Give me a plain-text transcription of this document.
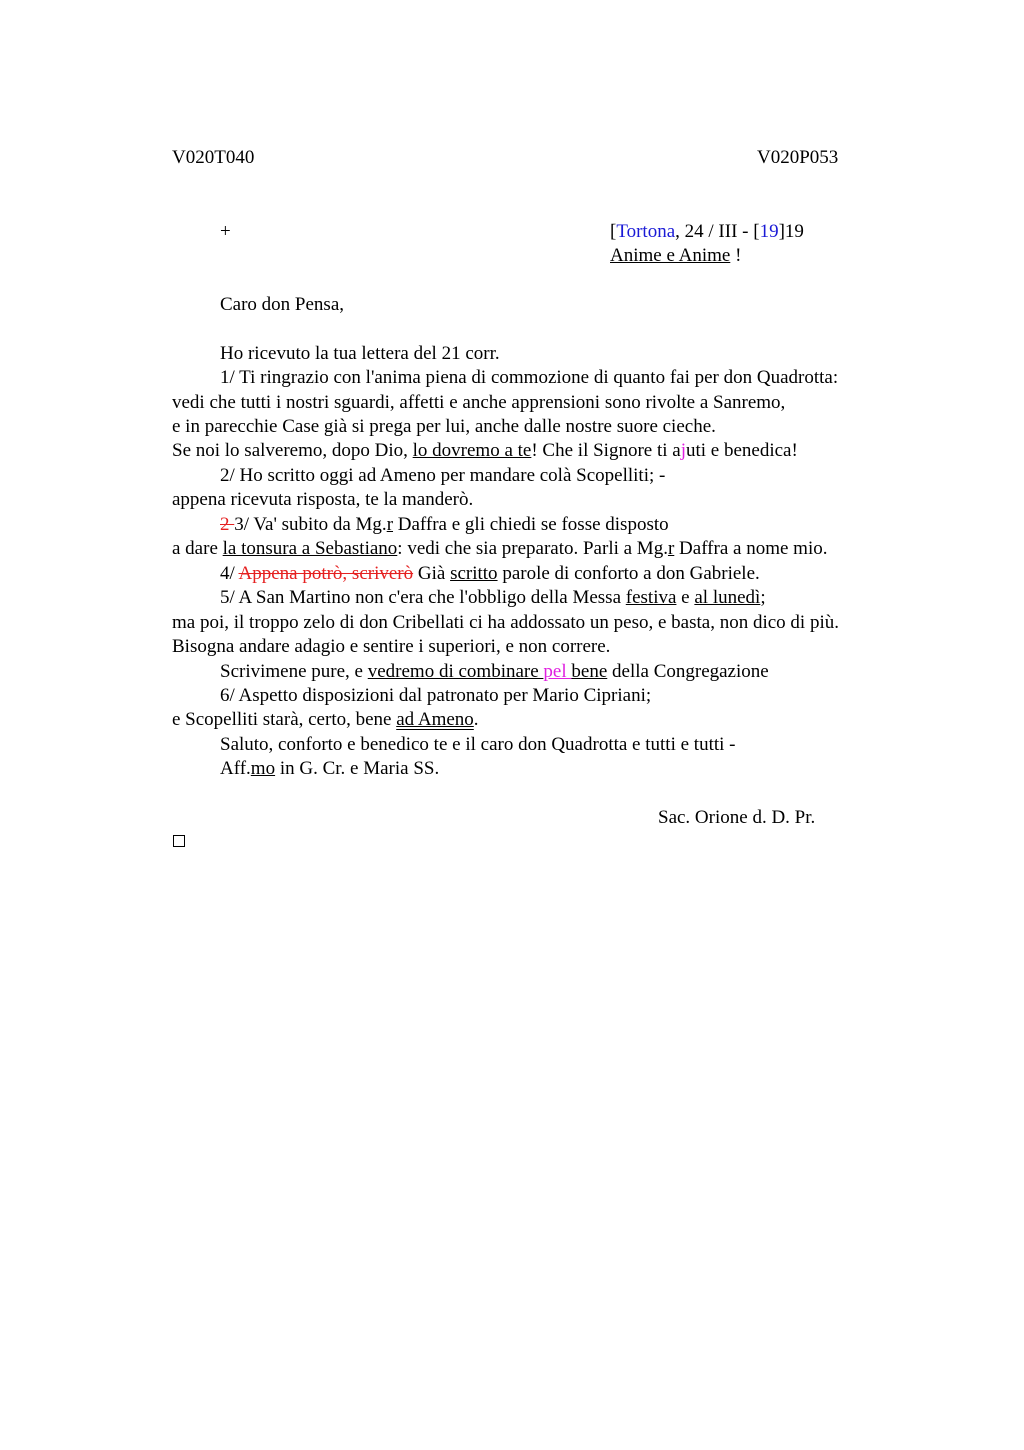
V020T040	V020P053
+	[Tortona, 24 / III - [19]19
Anime e Anime !
Caro don Pensa,
Ho ricevuto la tua lettera del 21 corr.
1/ Ti ringrazio con l'anima piena di commozione di quanto fai per don Quadrotta:
vedi che tutti i nostri sguardi, affetti e anche apprensioni sono rivolte a Sanremo,
e in parecchie Case già si prega per lui, anche dalle nostre suore cieche.
Se noi lo salveremo, dopo Dio, lo dovremo a te! Che il Signore ti ajuti e benedica!
2/ Ho scritto oggi ad Ameno per mandare colà Scopelliti; -
appena ricevuta risposta, te la manderò.
2 3/ Va' subito da Mg.r Daffra e gli chiedi se fosse disposto
a dare la tonsura a Sebastiano: vedi che sia preparato. Parli a Mg.r Daffra a nome mio.
4/ Appena potrò, scriverò Già scritto parole di conforto a don Gabriele.
5/ A San Martino non c'era che l'obbligo della Messa festiva e al lunedì;
ma poi, il troppo zelo di don Cribellati ci ha addossato un peso, e basta, non dico di più.
Bisogna andare adagio e sentire i superiori, e non correre.
Scrivimene pure, e vedremo di combinare pel bene della Congregazione
6/ Aspetto disposizioni dal patronato per Mario Cipriani;
e Scopelliti starà, certo, bene ad Ameno.
Saluto, conforto e benedico te e il caro don Quadrotta e tutti e tutti -
Aff.mo in G. Cr. e Maria SS.
Sac. Orione d. D. Pr.
